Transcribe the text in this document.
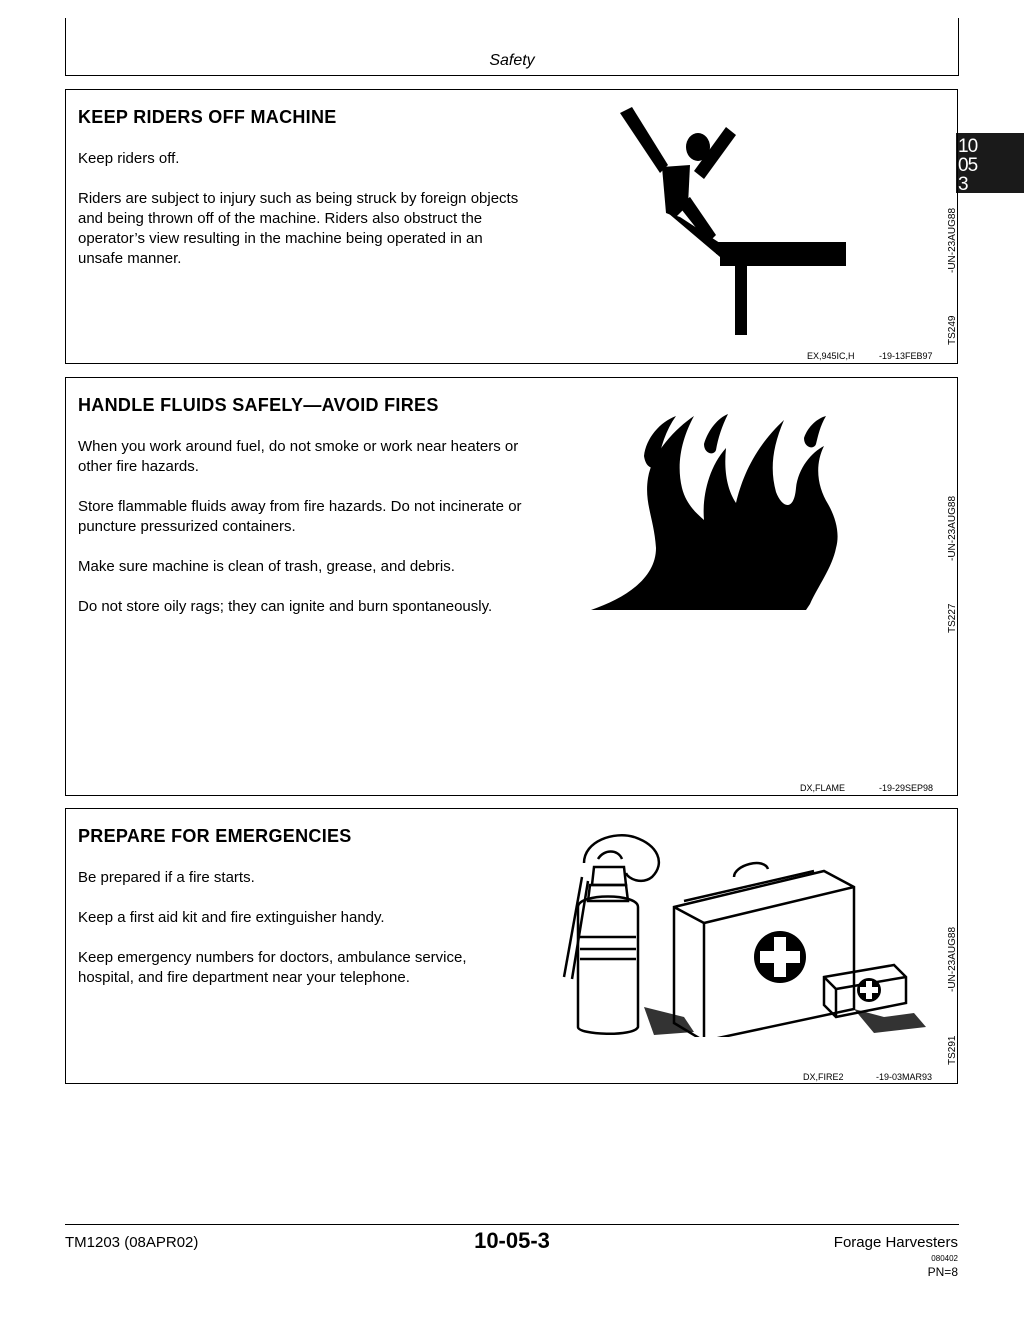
Safety
10
05
3
KEEP RIDERS OFF MACHINE

Keep riders off.

Riders are subject to injury such as being struck by foreign objects and being thrown off of the machine. Riders also obstruct the operator’s view resulting in the machine being operated in an unsafe manner.	-UN-23AUG88
TS249
EX,945IC,H	-19-13FEB97
HANDLE FLUIDS SAFELY—AVOID FIRES

When you work around fuel, do not smoke or work near heaters or other fire hazards.

Store flammable fluids away from fire hazards. Do not incinerate or puncture pressurized containers.

Make sure machine is clean of trash, grease, and debris.

Do not store oily rags; they can ignite and burn spontaneously.

-UN-23AUG88
TS227
DX,FLAME	-19-29SEP98
PREPARE FOR EMERGENCIES

Be prepared if a fire starts.

Keep a first aid kit and fire extinguisher handy.

Keep emergency numbers for doctors, ambulance service, hospital, and fire department near your telephone.	-UN-23AUG88
TS291
DX,FIRE2	-19-03MAR93
TM1203 (08APR02)	10-05-3	Forage Harvesters
080402
PN=8
